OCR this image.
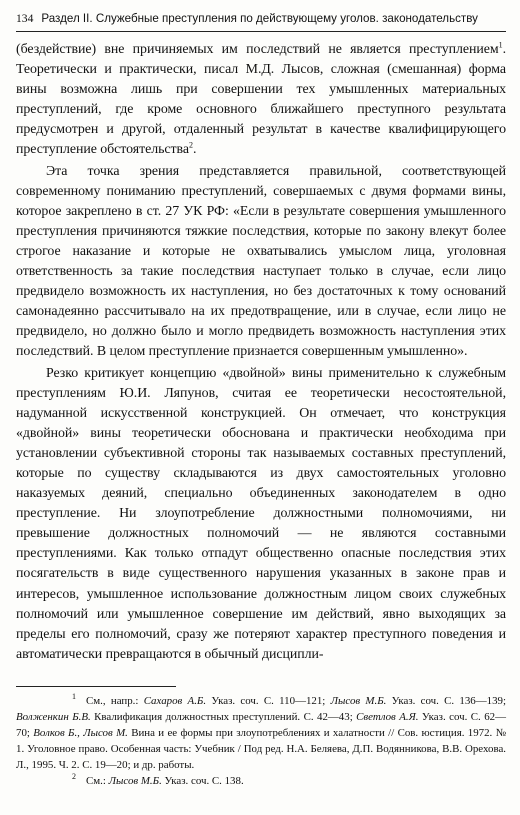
134 Раздел II. Служебные преступления по действующему уголов. законодательству

(бездействие) вне причиняемых им последствий не является преступлением$^1$. Теоретически и практически, писал М.Д. Лысов, сложная (смешанная) форма вины возможна лишь при совершении тех умышленных материальных преступлений, где кроме основного ближайшего преступного результата предусмотрен и другой, отдаленный результат в качестве квалифицирующего преступление обстоятельства$^2$.

Эта точка зрения представляется правильной, соответствующей современному пониманию преступлений, совершаемых с двумя формами вины, которое закреплено в ст. 27 УК РФ: «Если в результате совершения умышленного преступления причиняются тяжкие последствия, которые по закону влекут более строгое наказание и которые не охватывались умыслом лица, уголовная ответственность за такие последствия наступает только в случае, если лицо предвидело возможность их наступления, но без достаточных к тому оснований самонадеянно рассчитывало на их предотвращение, или в случае, если лицо не предвидело, но должно было и могло предвидеть возможность наступления этих последствий. В целом преступление признается совершенным умышленно».

Резко критикует концепцию «двойной» вины применительно к служебным преступлениям Ю.И. Ляпунов, считая ее теоретически несостоятельной, надуманной искусственной конструкцией. Он отмечает, что конструкция «двойной» вины теоретически обоснована и практически необходима при установлении субъективной стороны так называемых составных преступлений, которые по существу складываются из двух самостоятельных уголовно наказуемых деяний, специально объединенных законодателем в одно преступление. Ни злоупотребление должностными полномочиями, ни превышение должностных полномочий — не являются составными преступлениями. Как только отпадут общественно опасные последствия этих посягательств в виде существенного нарушения указанных в законе прав и интересов, умышленное использование должностным лицом своих служебных полномочий или умышленное совершение им действий, явно выходящих за пределы его полномочий, сразу же потеряют характер преступного поведения и автоматически превращаются в обычный дисципли-

$^1$ См., напр.: Сахаров А.Б. Указ. соч. С. 110—121; Лысов М.Б. Указ. соч. С. 136—139; Волженкин Б.В. Квалификация должностных преступлений. С. 42—43; Светлов А.Я. Указ. соч. С. 62—70; Волков Б., Лысов М. Вина и ее формы при злоупотреблениях и халатности // Сов. юстиция. 1972. № 1. Уголовное право. Особенная часть: Учебник / Под ред. Н.А. Беляева, Д.П. Водянникова, В.В. Орехова. Л., 1995. Ч. 2. С. 19—20; и др. работы.

$^2$ См.: Лысов М.Б. Указ. соч. С. 138.
